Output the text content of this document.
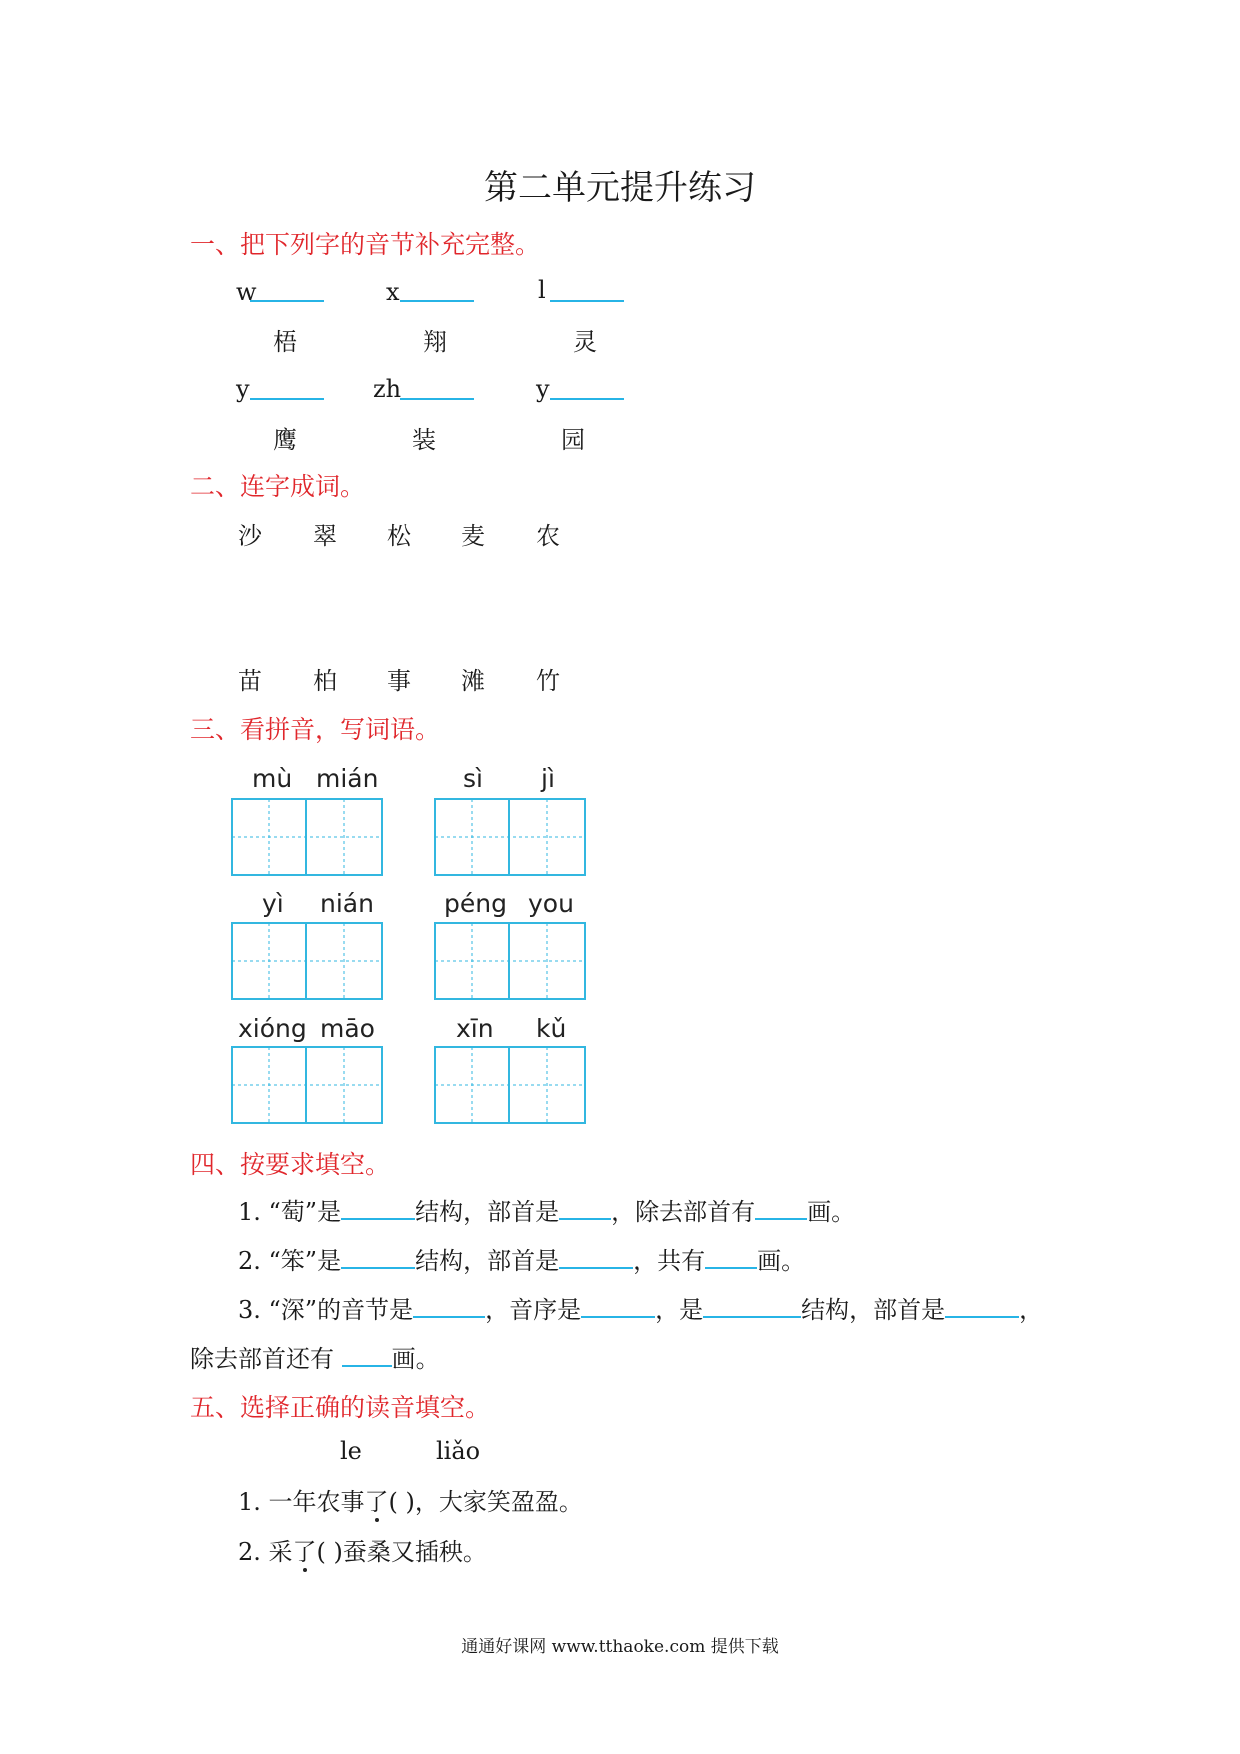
第二单元提升练习
一、把下列字的音节补充完整。
w	x	l
梧	翔	灵
y	zh	y
鹰	装	园
二、连字成词。
沙 翠 松 麦 农
苗 柏 事 滩 竹
三、看拼音，写词语。
mù mián	sì jì
yì nián	péng you
xióng māo	xīn kǔ
四、按要求填空。
1. “萄”是	结构，部首是 ，除去部首有 画。
2. “笨”是	结构，部首是	，共有 画。
3. “深”的音节是	，音序是	，是	结构，部首是	，
除去部首还有 画。
五、选择正确的读音填空。
le	liǎo
1. 一年农事了( )，大家笑盈盈。
2. 采了( )蚕桑又插秧。
通通好课网 www.tthaoke.com 提供下载
